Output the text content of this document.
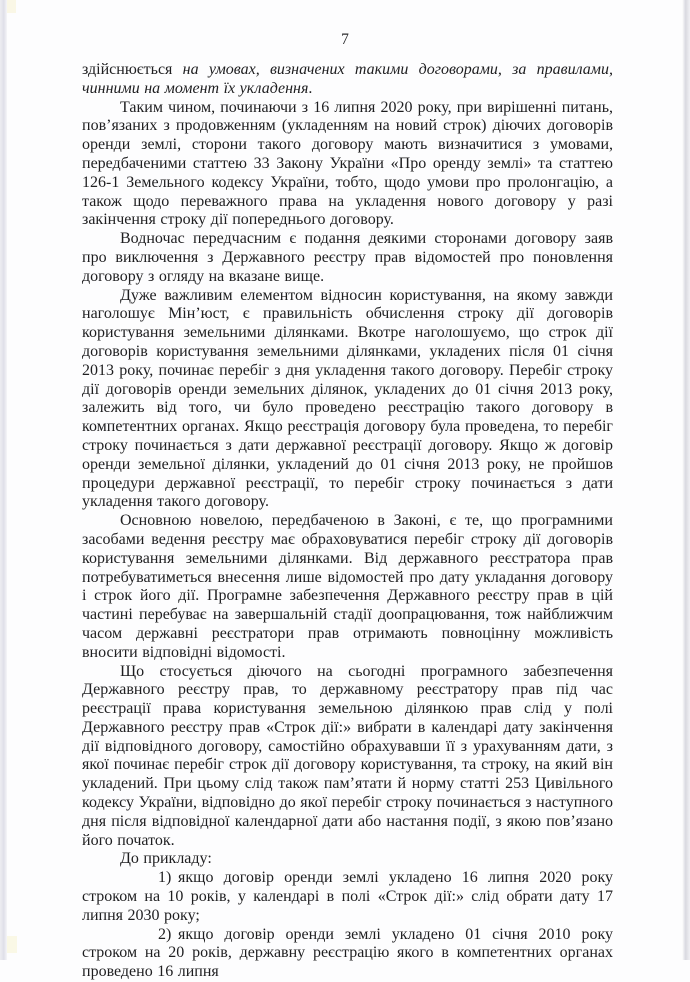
7

здійснюється на умовах, визначених такими договорами, за правилами, чинними на момент їх укладення.

Таким чином, починаючи з 16 липня 2020 року, при вирішенні питань, пов’язаних з продовженням (укладенням на новий строк) діючих договорів оренди землі, сторони такого договору мають визначитися з умовами, передбаченими статтею 33 Закону України «Про оренду землі» та статтею 126-1 Земельного кодексу України, тобто, щодо умови про пролонгацію, а також щодо переважного права на укладення нового договору у разі закінчення строку дії попереднього договору.

Водночас передчасним є подання деякими сторонами договору заяв про виключення з Державного реєстру прав відомостей про поновлення договору з огляду на вказане вище.

Дуже важливим елементом відносин користування, на якому завжди наголошує Мін’юст, є правильність обчислення строку дії договорів користування земельними ділянками. Вкотре наголошуємо, що строк дії договорів користування земельними ділянками, укладених після 01 січня 2013 року, починає перебіг з дня укладення такого договору. Перебіг строку дії договорів оренди земельних ділянок, укладених до 01 січня 2013 року, залежить від того, чи було проведено реєстрацію такого договору в компетентних органах. Якщо реєстрація договору була проведена, то перебіг строку починається з дати державної реєстрації договору. Якщо ж договір оренди земельної ділянки, укладений до 01 січня 2013 року, не пройшов процедури державної реєстрації, то перебіг строку починається з дати укладення такого договору.

Основною новелою, передбаченою в Законі, є те, що програмними засобами ведення реєстру має обраховуватися перебіг строку дії договорів користування земельними ділянками. Від державного реєстратора прав потребуватиметься внесення лише відомостей про дату укладання договору і строк його дії. Програмне забезпечення Державного реєстру прав в цій частині перебуває на завершальній стадії доопрацювання, тож найближчим часом державні реєстратори прав отримають повноцінну можливість вносити відповідні відомості.

Що стосується діючого на сьогодні програмного забезпечення Державного реєстру прав, то державному реєстратору прав під час реєстрації права користування земельною ділянкою прав слід у полі Державного реєстру прав «Строк дії:» вибрати в календарі дату закінчення дії відповідного договору, самостійно обрахувавши її з урахуванням дати, з якої починає перебіг строк дії договору користування, та строку, на який він укладений. При цьому слід також пам’ятати й норму статті 253 Цивільного кодексу України, відповідно до якої перебіг строку починається з наступного дня після відповідної календарної дати або настання події, з якою пов’язано його початок.

До прикладу:

1) якщо договір оренди землі укладено 16 липня 2020 року строком на 10 років, у календарі в полі «Строк дії:» слід обрати дату 17 липня 2030 року;

2) якщо договір оренди землі укладено 01 січня 2010 року строком на 20 років, державну реєстрацію якого в компетентних органах проведено 16 липня
